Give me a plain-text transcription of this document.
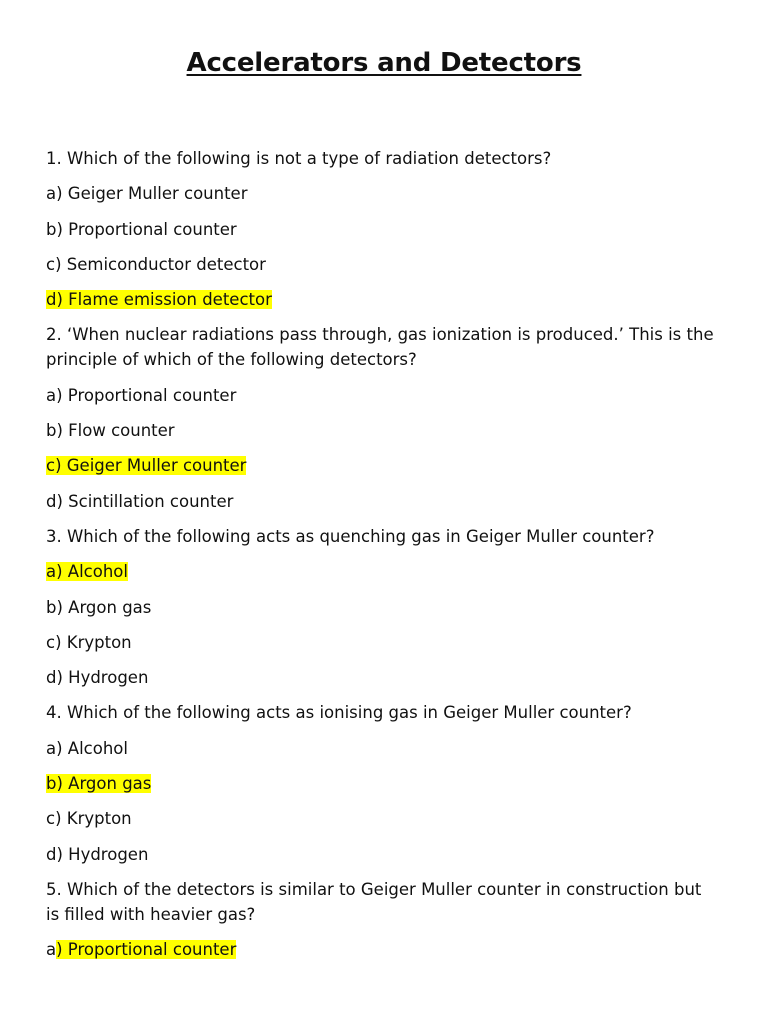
Accelerators and Detectors

1. Which of the following is not a type of radiation detectors?

a) Geiger Muller counter

b) Proportional counter

c) Semiconductor detector

d) Flame emission detector

2. ‘When nuclear radiations pass through, gas ionization is produced.’ This is the

principle of which of the following detectors?

a) Proportional counter

b) Flow counter

c) Geiger Muller counter

d) Scintillation counter

3. Which of the following acts as quenching gas in Geiger Muller counter?

a) Alcohol

b) Argon gas

c) Krypton

d) Hydrogen

4. Which of the following acts as ionising gas in Geiger Muller counter?

a) Alcohol

b) Argon gas

c) Krypton

d) Hydrogen

5. Which of the detectors is similar to Geiger Muller counter in construction but

is filled with heavier gas?

a) Proportional counter
